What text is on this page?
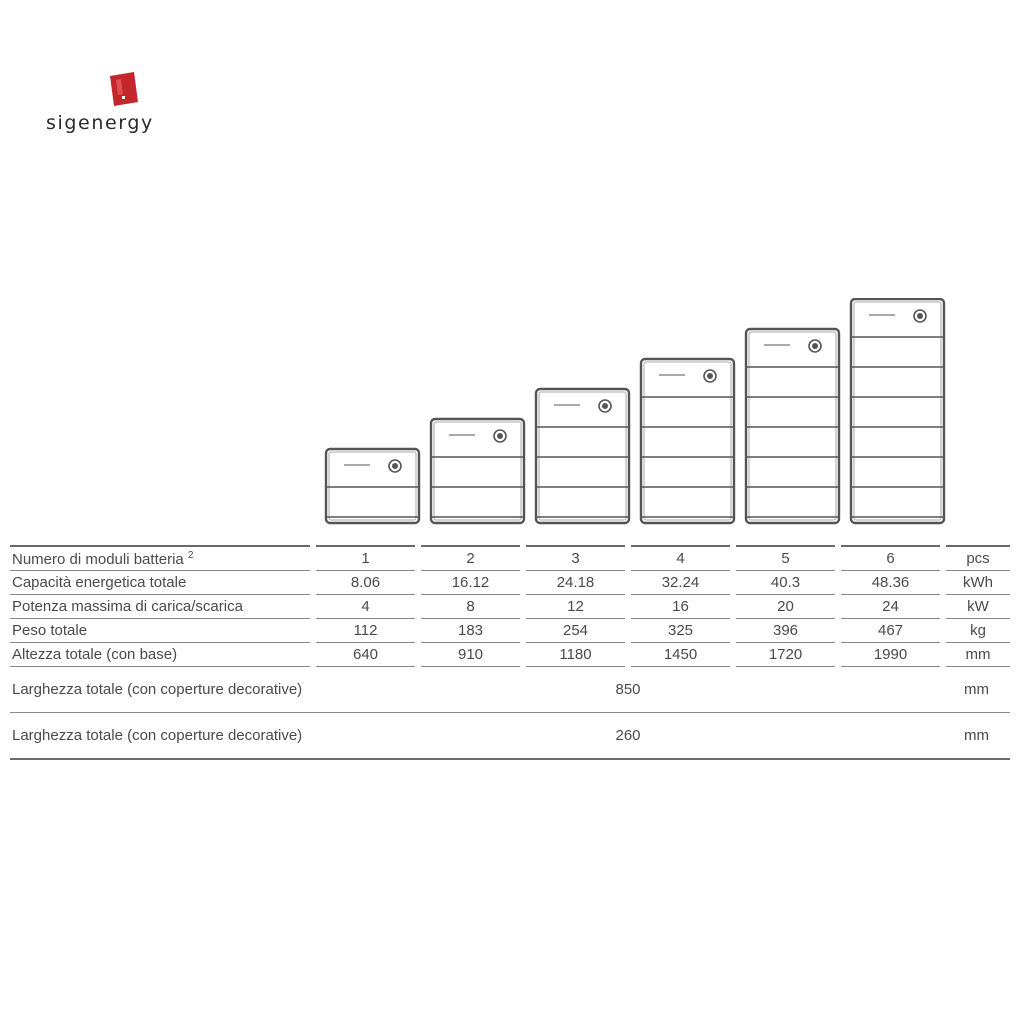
sigenergy
Numero di moduli batteria $^2$	1	2	3	4	5	6	pcs
Capacità energetica totale	8.06	16.12	24.18	32.24	40.3	48.36	kWh
Potenza massima di carica/scarica	4	8	12	16	20	24	kW
Peso totale	112	183	254	325	396	467	kg
Altezza totale (con base)	640	910	1180	1450	1720	1990	mm
Larghezza totale (con coperture decorative)	850						mm
Larghezza totale (con coperture decorative)	260						mm
